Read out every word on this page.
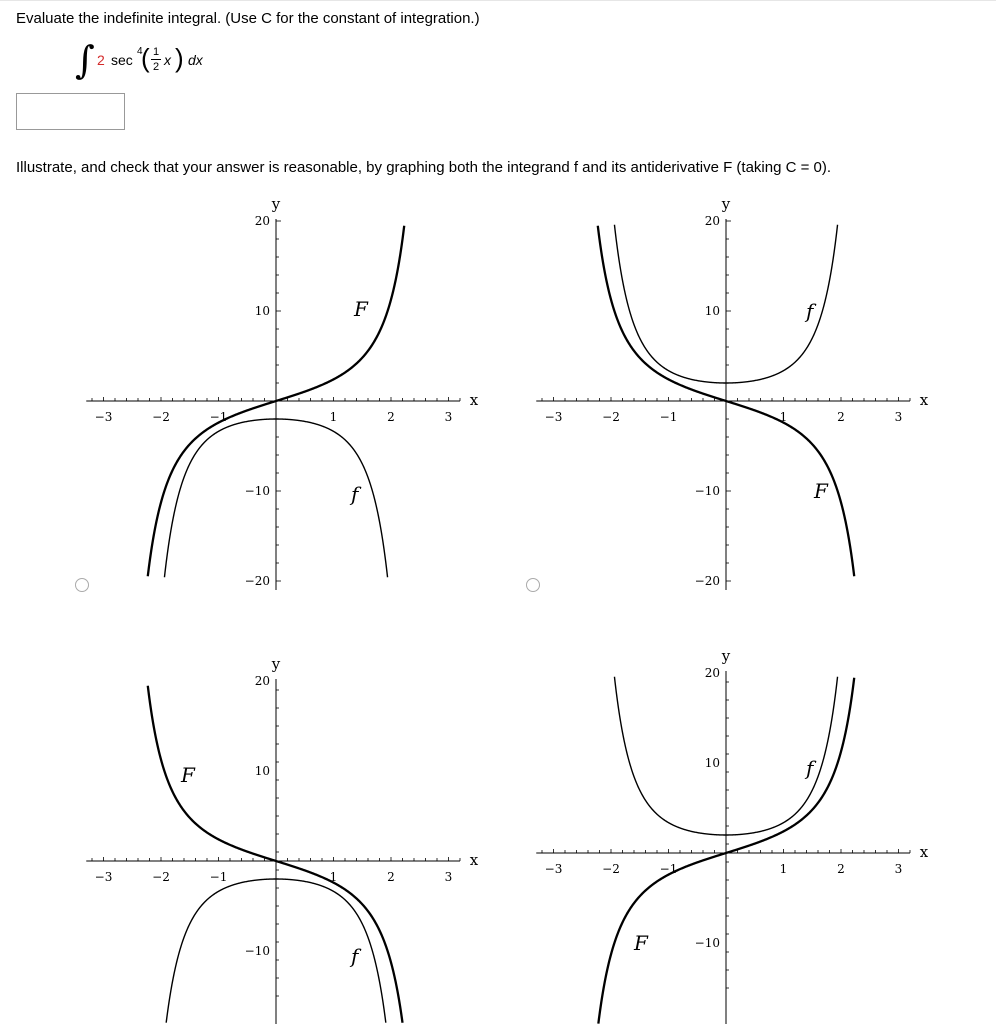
Evaluate the indefinite integral. (Use C for the constant of integration.)
∫ 2 sec
4
( 1
2 x ) dx
Illustrate, and check that your answer is reasonable, by graphing both the integrand f and its antiderivative F (taking C = 0).
−3	−2	−1	1	2	3
20
10
−10
−20
x
y
F
f
−3	−2	−1	1	2	3
20
10
−10
−20
x
y
F
f
−3	−2	−1	1	2	3
20
10
−10
x
y
F
f
−3	−2	−1	1	2	3
20
10
−10
x
y
F
f
